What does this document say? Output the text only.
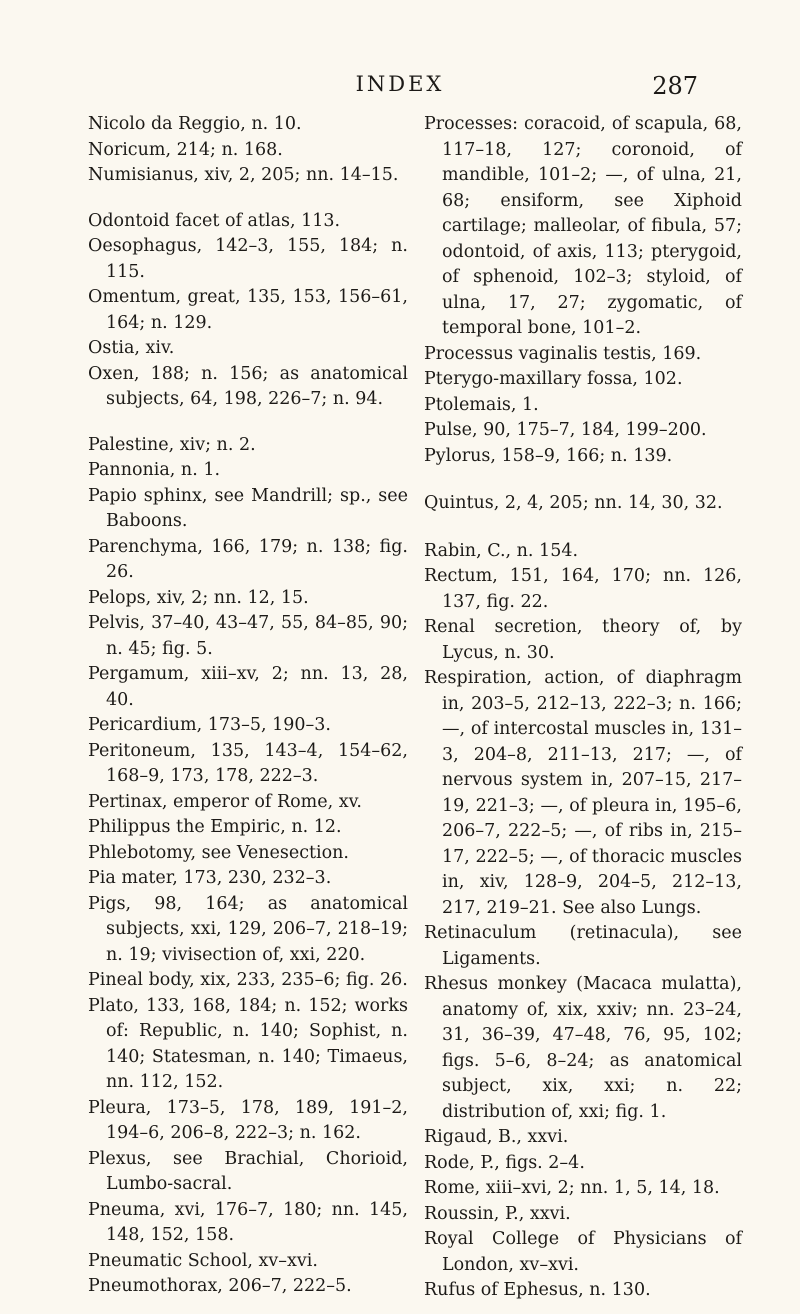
INDEX	287
Nicolo da Reggio, n. 10.
Noricum, 214; n. 168.
Numisianus, xiv, 2, 205; nn. 14–15.
Odontoid facet of atlas, 113.
Oesophagus, 142–3, 155, 184; n. 115.
Omentum, great, 135, 153, 156–61, 164; n. 129.
Ostia, xiv.
Oxen, 188; n. 156; as anatomical subjects, 64, 198, 226–7; n. 94.
Palestine, xiv; n. 2.
Pannonia, n. 1.
Papio sphinx, see Mandrill; sp., see Baboons.
Parenchyma, 166, 179; n. 138; fig. 26.
Pelops, xiv, 2; nn. 12, 15.
Pelvis, 37–40, 43–47, 55, 84–85, 90; n. 45; fig. 5.
Pergamum, xiii–xv, 2; nn. 13, 28, 40.
Pericardium, 173–5, 190–3.
Peritoneum, 135, 143–4, 154–62, 168–9, 173, 178, 222–3.
Pertinax, emperor of Rome, xv.
Philippus the Empiric, n. 12.
Phlebotomy, see Venesection.
Pia mater, 173, 230, 232–3.
Pigs, 98, 164; as anatomical subjects, xxi, 129, 206–7, 218–19; n. 19; vivisection of, xxi, 220.
Pineal body, xix, 233, 235–6; fig. 26.
Plato, 133, 168, 184; n. 152; works of: Republic, n. 140; Sophist, n. 140; Statesman, n. 140; Timaeus, nn. 112, 152.
Pleura, 173–5, 178, 189, 191–2, 194–6, 206–8, 222–3; n. 162.
Plexus, see Brachial, Chorioid, Lumbo-sacral.
Pneuma, xvi, 176–7, 180; nn. 145, 148, 152, 158.
Pneumatic School, xv–xvi.
Pneumothorax, 206–7, 222–5.
Processes: coracoid, of scapula, 68, 117–18, 127; coronoid, of mandible, 101–2; —, of ulna, 21, 68; ensiform, see Xiphoid cartilage; malleolar, of fibula, 57; odontoid, of axis, 113; pterygoid, of sphenoid, 102–3; styloid, of ulna, 17, 27; zygomatic, of temporal bone, 101–2.
Processus vaginalis testis, 169.
Pterygo-maxillary fossa, 102.
Ptolemais, 1.
Pulse, 90, 175–7, 184, 199–200.
Pylorus, 158–9, 166; n. 139.
Quintus, 2, 4, 205; nn. 14, 30, 32.
Rabin, C., n. 154.
Rectum, 151, 164, 170; nn. 126, 137, fig. 22.
Renal secretion, theory of, by Lycus, n. 30.
Respiration, action, of diaphragm in, 203–5, 212–13, 222–3; n. 166; —, of intercostal muscles in, 131–3, 204–8, 211–13, 217; —, of nervous system in, 207–15, 217–19, 221–3; —, of pleura in, 195–6, 206–7, 222–5; —, of ribs in, 215–17, 222–5; —, of thoracic muscles in, xiv, 128–9, 204–5, 212–13, 217, 219–21. See also Lungs.
Retinaculum (retinacula), see Ligaments.
Rhesus monkey (Macaca mulatta), anatomy of, xix, xxiv; nn. 23–24, 31, 36–39, 47–48, 76, 95, 102; figs. 5–6, 8–24; as anatomical subject, xix, xxi; n. 22; distribution of, xxi; fig. 1.
Rigaud, B., xxvi.
Rode, P., figs. 2–4.
Rome, xiii–xvi, 2; nn. 1, 5, 14, 18.
Roussin, P., xxvi.
Royal College of Physicians of London, xv–xvi.
Rufus of Ephesus, n. 130.
